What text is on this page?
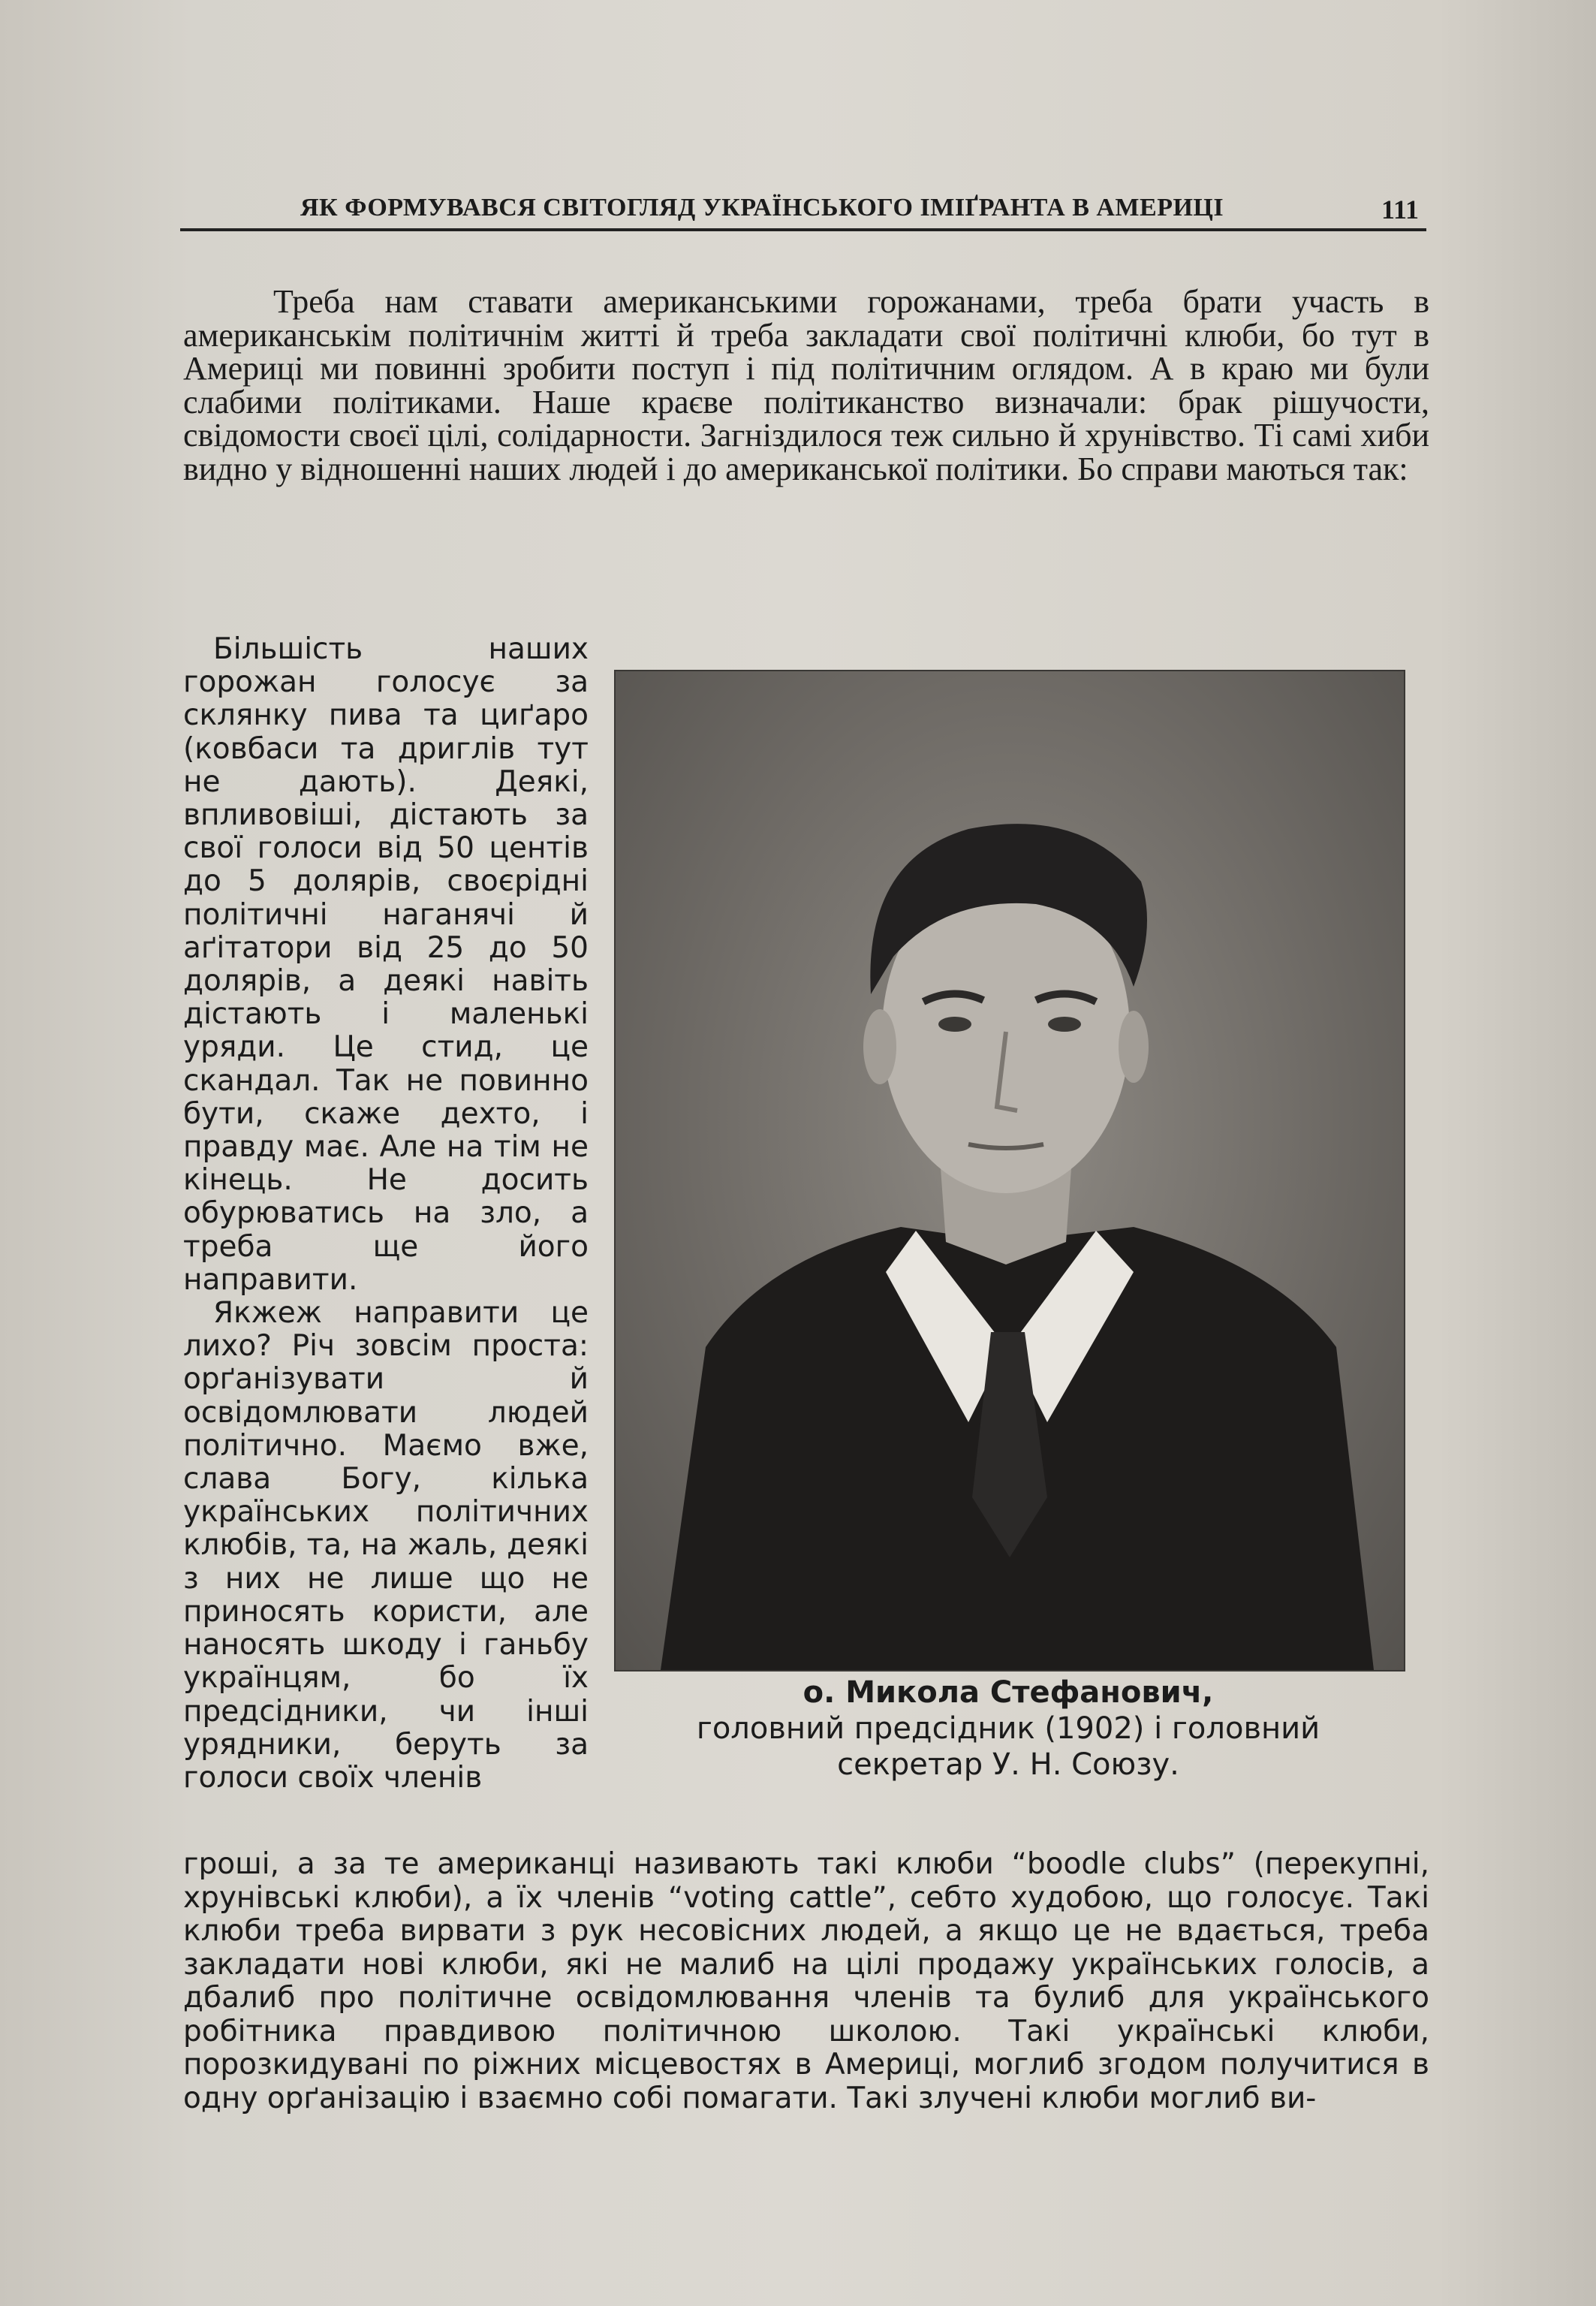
ЯК ФОРМУВАВСЯ СВІТОГЛЯД УКРАЇНСЬКОГО ІМІҐРАНТА В АМЕРИЦІ	111

Треба нам ставати американськими горожанами, треба брати участь в американськім політичнім житті й треба закладати свої політичні клюби, бо тут в Америці ми повинні зробити поступ і під політичним оглядом. А в краю ми були слабими політиками. Наше краєве політиканство визначали: брак рішучости, свідомости своєї цілі, солідарности. Загніздилося теж сильно й хрунівство. Ті самі хиби видно у відношенні наших людей і до американської політики. Бо справи маються так:

Більшість наших горожан голосує за склянку пива та циґаро (ковбаси та дриглів тут не дають). Деякі, впливовіші, дістають за свої голоси від 50 центів до 5 долярів, своєрідні політичні наганячі й аґітатори від 25 до 50 долярів, а деякі навіть дістають і маленькі уряди. Це стид, це скандал. Так не повинно бути, скаже дехто, і правду має. Але на тім не кінець. Не досить обурюватись на зло, а треба ще його направити.

Якжеж направити це лихо? Річ зовсім проста: орґанізувати й освідомлювати людей політично. Маємо вже, слава Богу, кілька українських політичних клюбів, та, на жаль, деякі з них не лише що не приносять користи, але наносять шкоду і ганьбу українцям, бо їх предсідники, чи інші урядники, беруть за голоси своїх членів

о. Микола Стефанович,
головний предсідник (1902) і головний
секретар У. Н. Союзу.

гроші, а за те американці називають такі клюби “boodle clubs” (перекупні, хрунівські клюби), а їх членів “voting cattle”, себто худобою, що голосує. Такі клюби треба вирвати з рук несовісних людей, а якщо це не вдається, треба закладати нові клюби, які не малиб на цілі продажу українських голосів, а дбалиб про політичне освідомлювання членів та булиб для українського робітника правдивою політичною школою. Такі українські клюби, порозкидувані по ріжних місцевостях в Америці, моглиб згодом получитися в одну орґанізацію і взаємно собі помагати. Такі злучені клюби моглиб ви-
